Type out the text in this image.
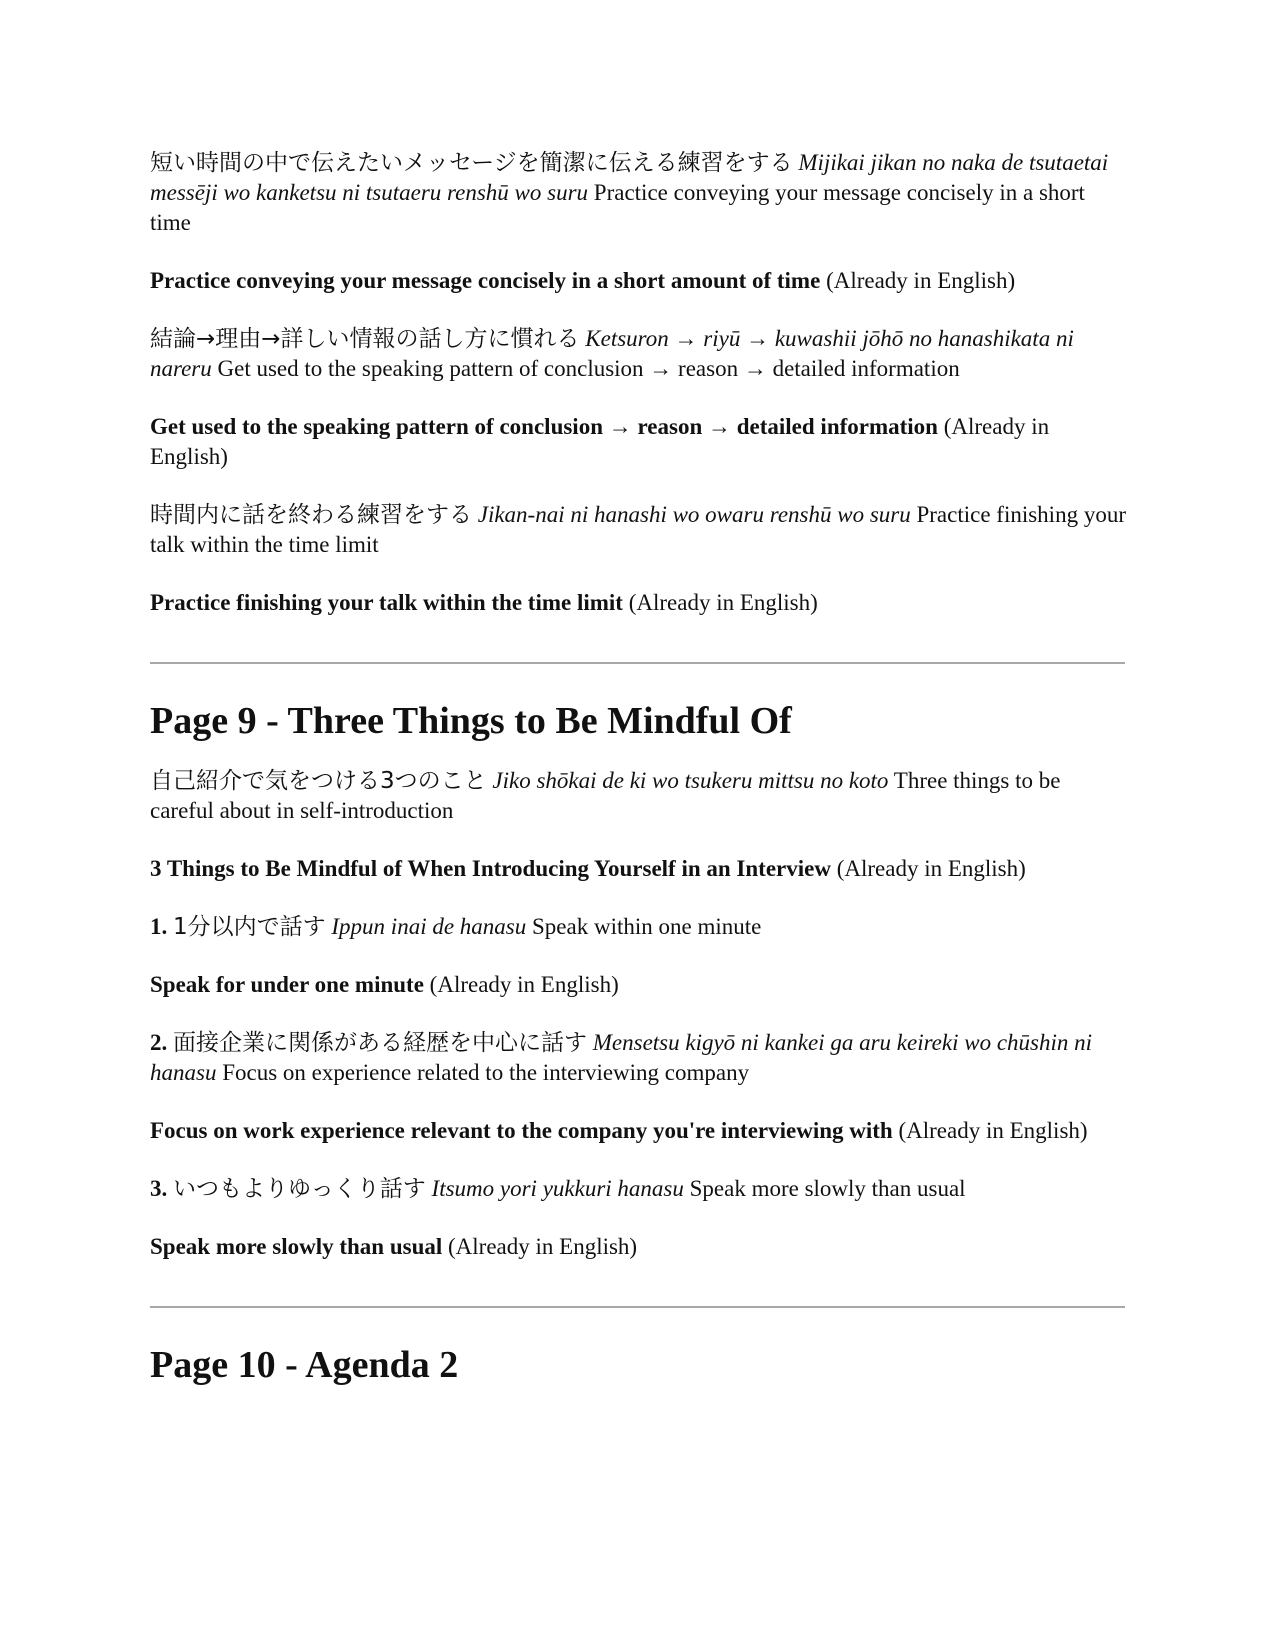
短い時間の中で伝えたいメッセージを簡潔に伝える練習をする Mijikai jikan no naka de tsutaetai messēji wo kanketsu ni tsutaeru renshū wo suru Practice conveying your message concisely in a short time

Practice conveying your message concisely in a short amount of time (Already in English)

結論→理由→詳しい情報の話し方に慣れる Ketsuron → riyū → kuwashii jōhō no hanashikata ni nareru Get used to the speaking pattern of conclusion → reason → detailed information

Get used to the speaking pattern of conclusion → reason → detailed information (Already in English)

時間内に話を終わる練習をする Jikan-nai ni hanashi wo owaru renshū wo suru Practice finishing your talk within the time limit

Practice finishing your talk within the time limit (Already in English)

Page 9 - Three Things to Be Mindful Of

自己紹介で気をつける3つのこと Jiko shōkai de ki wo tsukeru mittsu no koto Three things to be careful about in self-introduction

3 Things to Be Mindful of When Introducing Yourself in an Interview (Already in English)

1. 1分以内で話す Ippun inai de hanasu Speak within one minute

Speak for under one minute (Already in English)

2. 面接企業に関係がある経歴を中心に話す Mensetsu kigyō ni kankei ga aru keireki wo chūshin ni hanasu Focus on experience related to the interviewing company

Focus on work experience relevant to the company you're interviewing with (Already in English)

3. いつもよりゆっくり話す Itsumo yori yukkuri hanasu Speak more slowly than usual

Speak more slowly than usual (Already in English)

Page 10 - Agenda 2
